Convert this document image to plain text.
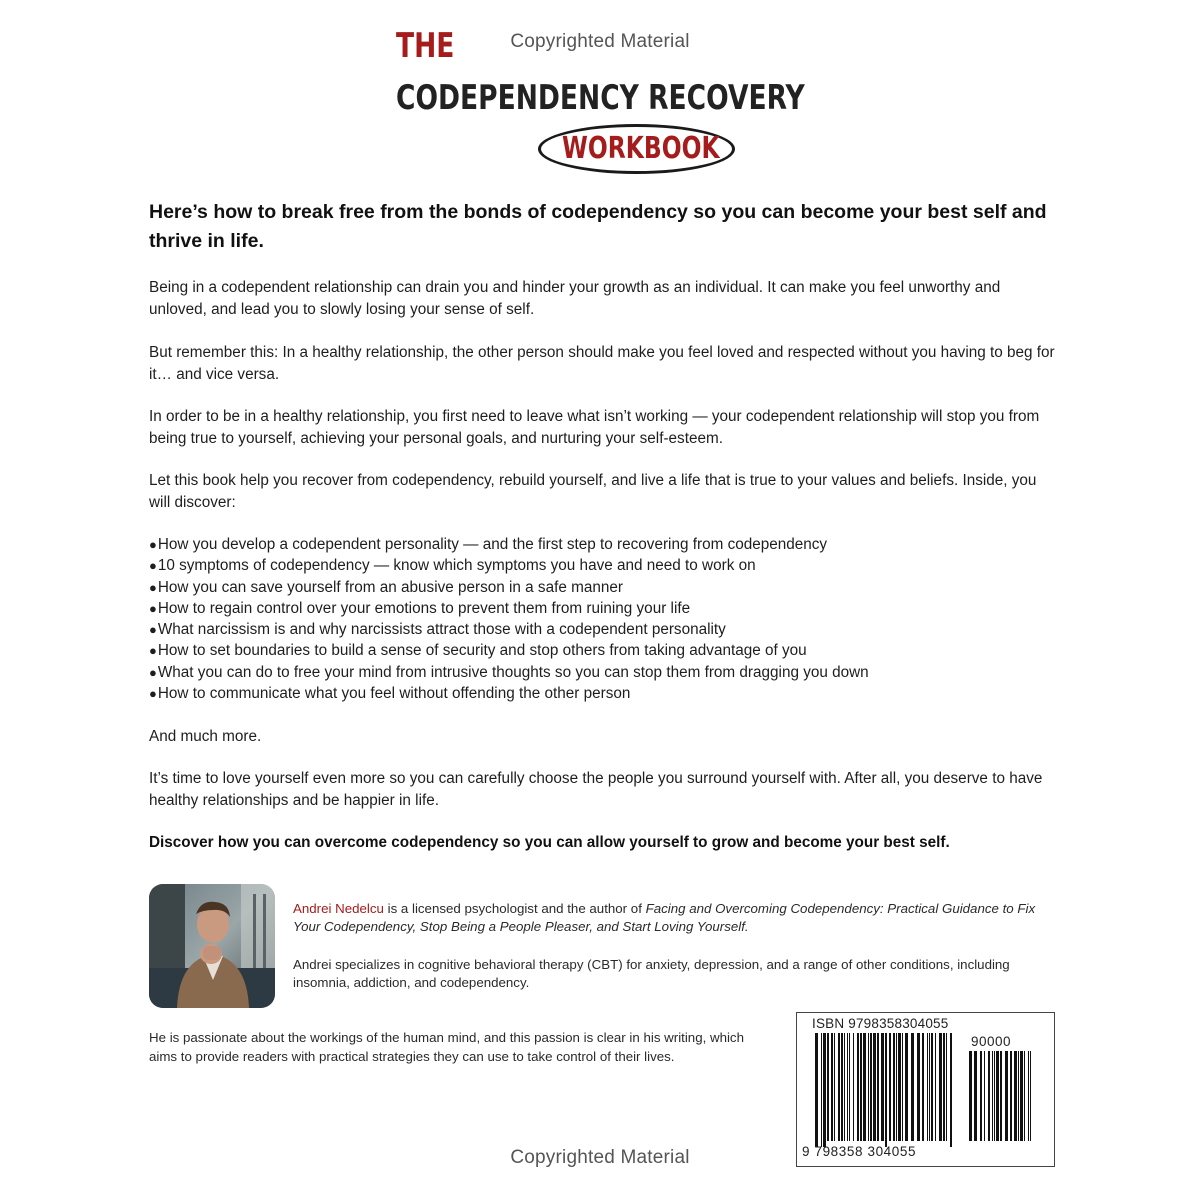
Copyrighted Material
THE
CODEPENDENCY RECOVERY
WORKBOOK
Here’s how to break free from the bonds of codependency so you can become your best self and thrive in life.

Being in a codependent relationship can drain you and hinder your growth as an individual. It can make you feel unworthy and unloved, and lead you to slowly losing your sense of self.

But remember this: In a healthy relationship, the other person should make you feel loved and respected without you having to beg for it… and vice versa.

In order to be in a healthy relationship, you first need to leave what isn’t working — your codependent relationship will stop you from being true to yourself, achieving your personal goals, and nurturing your self-esteem.

Let this book help you recover from codependency, rebuild yourself, and live a life that is true to your values and beliefs. Inside, you will discover:

●How you develop a codependent personality — and the first step to recovering from codependency
●10 symptoms of codependency — know which symptoms you have and need to work on
●How you can save yourself from an abusive person in a safe manner
●How to regain control over your emotions to prevent them from ruining your life
●What narcissism is and why narcissists attract those with a codependent personality
●How to set boundaries to build a sense of security and stop others from taking advantage of you
●What you can do to free your mind from intrusive thoughts so you can stop them from dragging you down
●How to communicate what you feel without offending the other person

And much more.

It’s time to love yourself even more so you can carefully choose the people you surround yourself with. After all, you deserve to have healthy relationships and be happier in life.

Discover how you can overcome codependency so you can allow yourself to grow and become your best self.
Andrei Nedelcu is a licensed psychologist and the author of Facing and Overcoming Codependency: Practical Guidance to Fix Your Codependency, Stop Being a People Pleaser, and Start Loving Yourself.
Andrei specializes in cognitive behavioral therapy (CBT) for anxiety, depression, and a range of other conditions, including insomnia, addiction, and codependency.
He is passionate about the workings of the human mind, and this passion is clear in his writing, which aims to provide readers with practical strategies they can use to take control of their lives.
ISBN 9798358304055
90000
9 798358 304055
Copyrighted Material
